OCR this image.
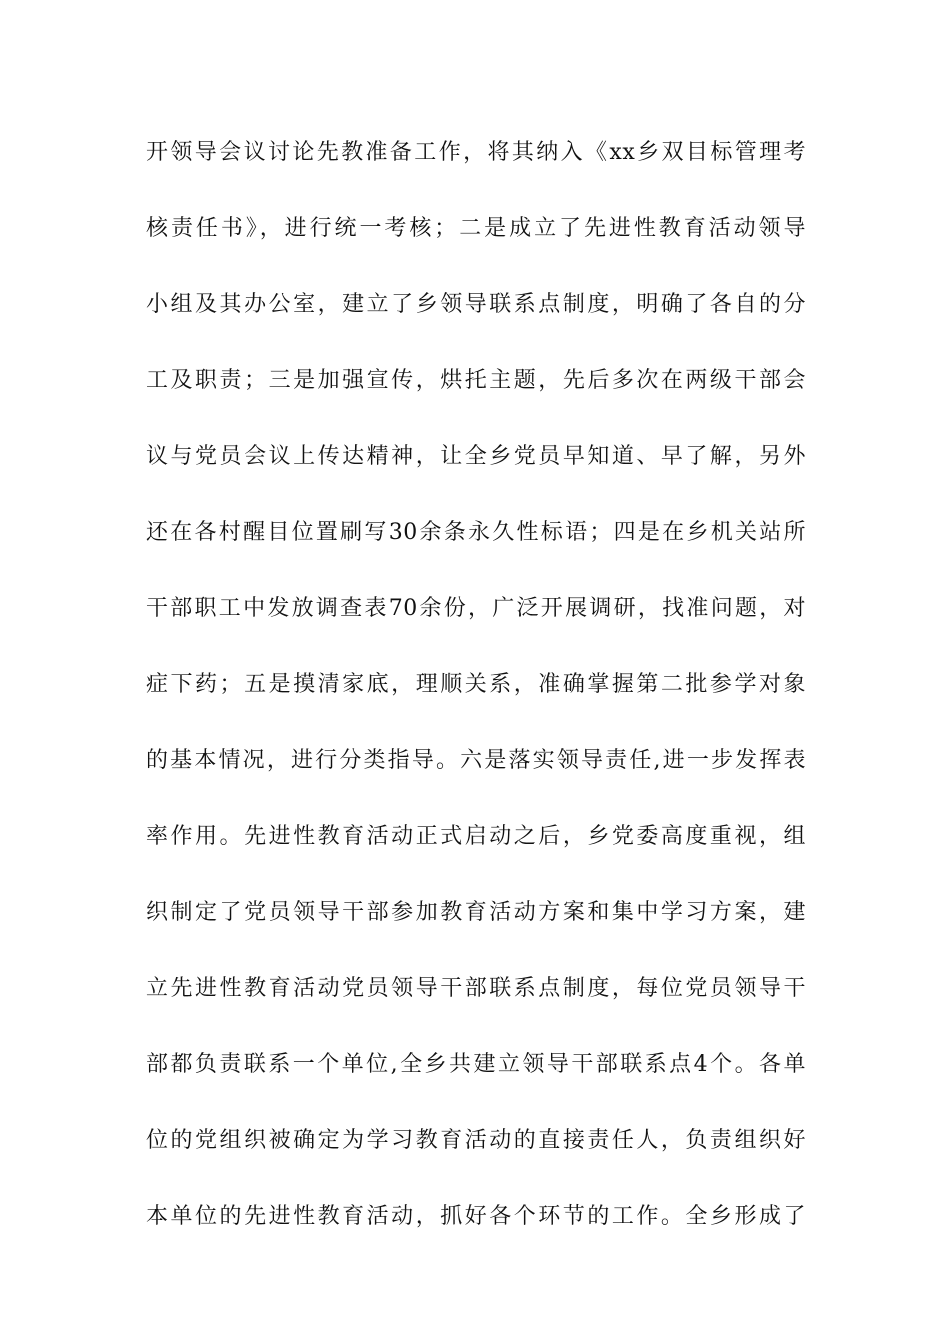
开领导会议讨论先教准备工作，将其纳入《xx乡双目标管理考
核责任书》，进行统一考核；二是成立了先进性教育活动领导
小组及其办公室，建立了乡领导联系点制度，明确了各自的分
工及职责；三是加强宣传，烘托主题，先后多次在两级干部会
议与党员会议上传达精神，让全乡党员早知道、早了解，另外
还在各村醒目位置刷写30余条永久性标语；四是在乡机关站所
干部职工中发放调查表70余份，广泛开展调研，找准问题，对
症下药；五是摸清家底，理顺关系，准确掌握第二批参学对象
的基本情况，进行分类指导。六是落实领导责任,进一步发挥表
率作用。先进性教育活动正式启动之后，乡党委高度重视，组
织制定了党员领导干部参加教育活动方案和集中学习方案，建
立先进性教育活动党员领导干部联系点制度，每位党员领导干
部都负责联系一个单位,全乡共建立领导干部联系点4个。各单
位的党组织被确定为学习教育活动的直接责任人，负责组织好
本单位的先进性教育活动，抓好各个环节的工作。全乡形成了
